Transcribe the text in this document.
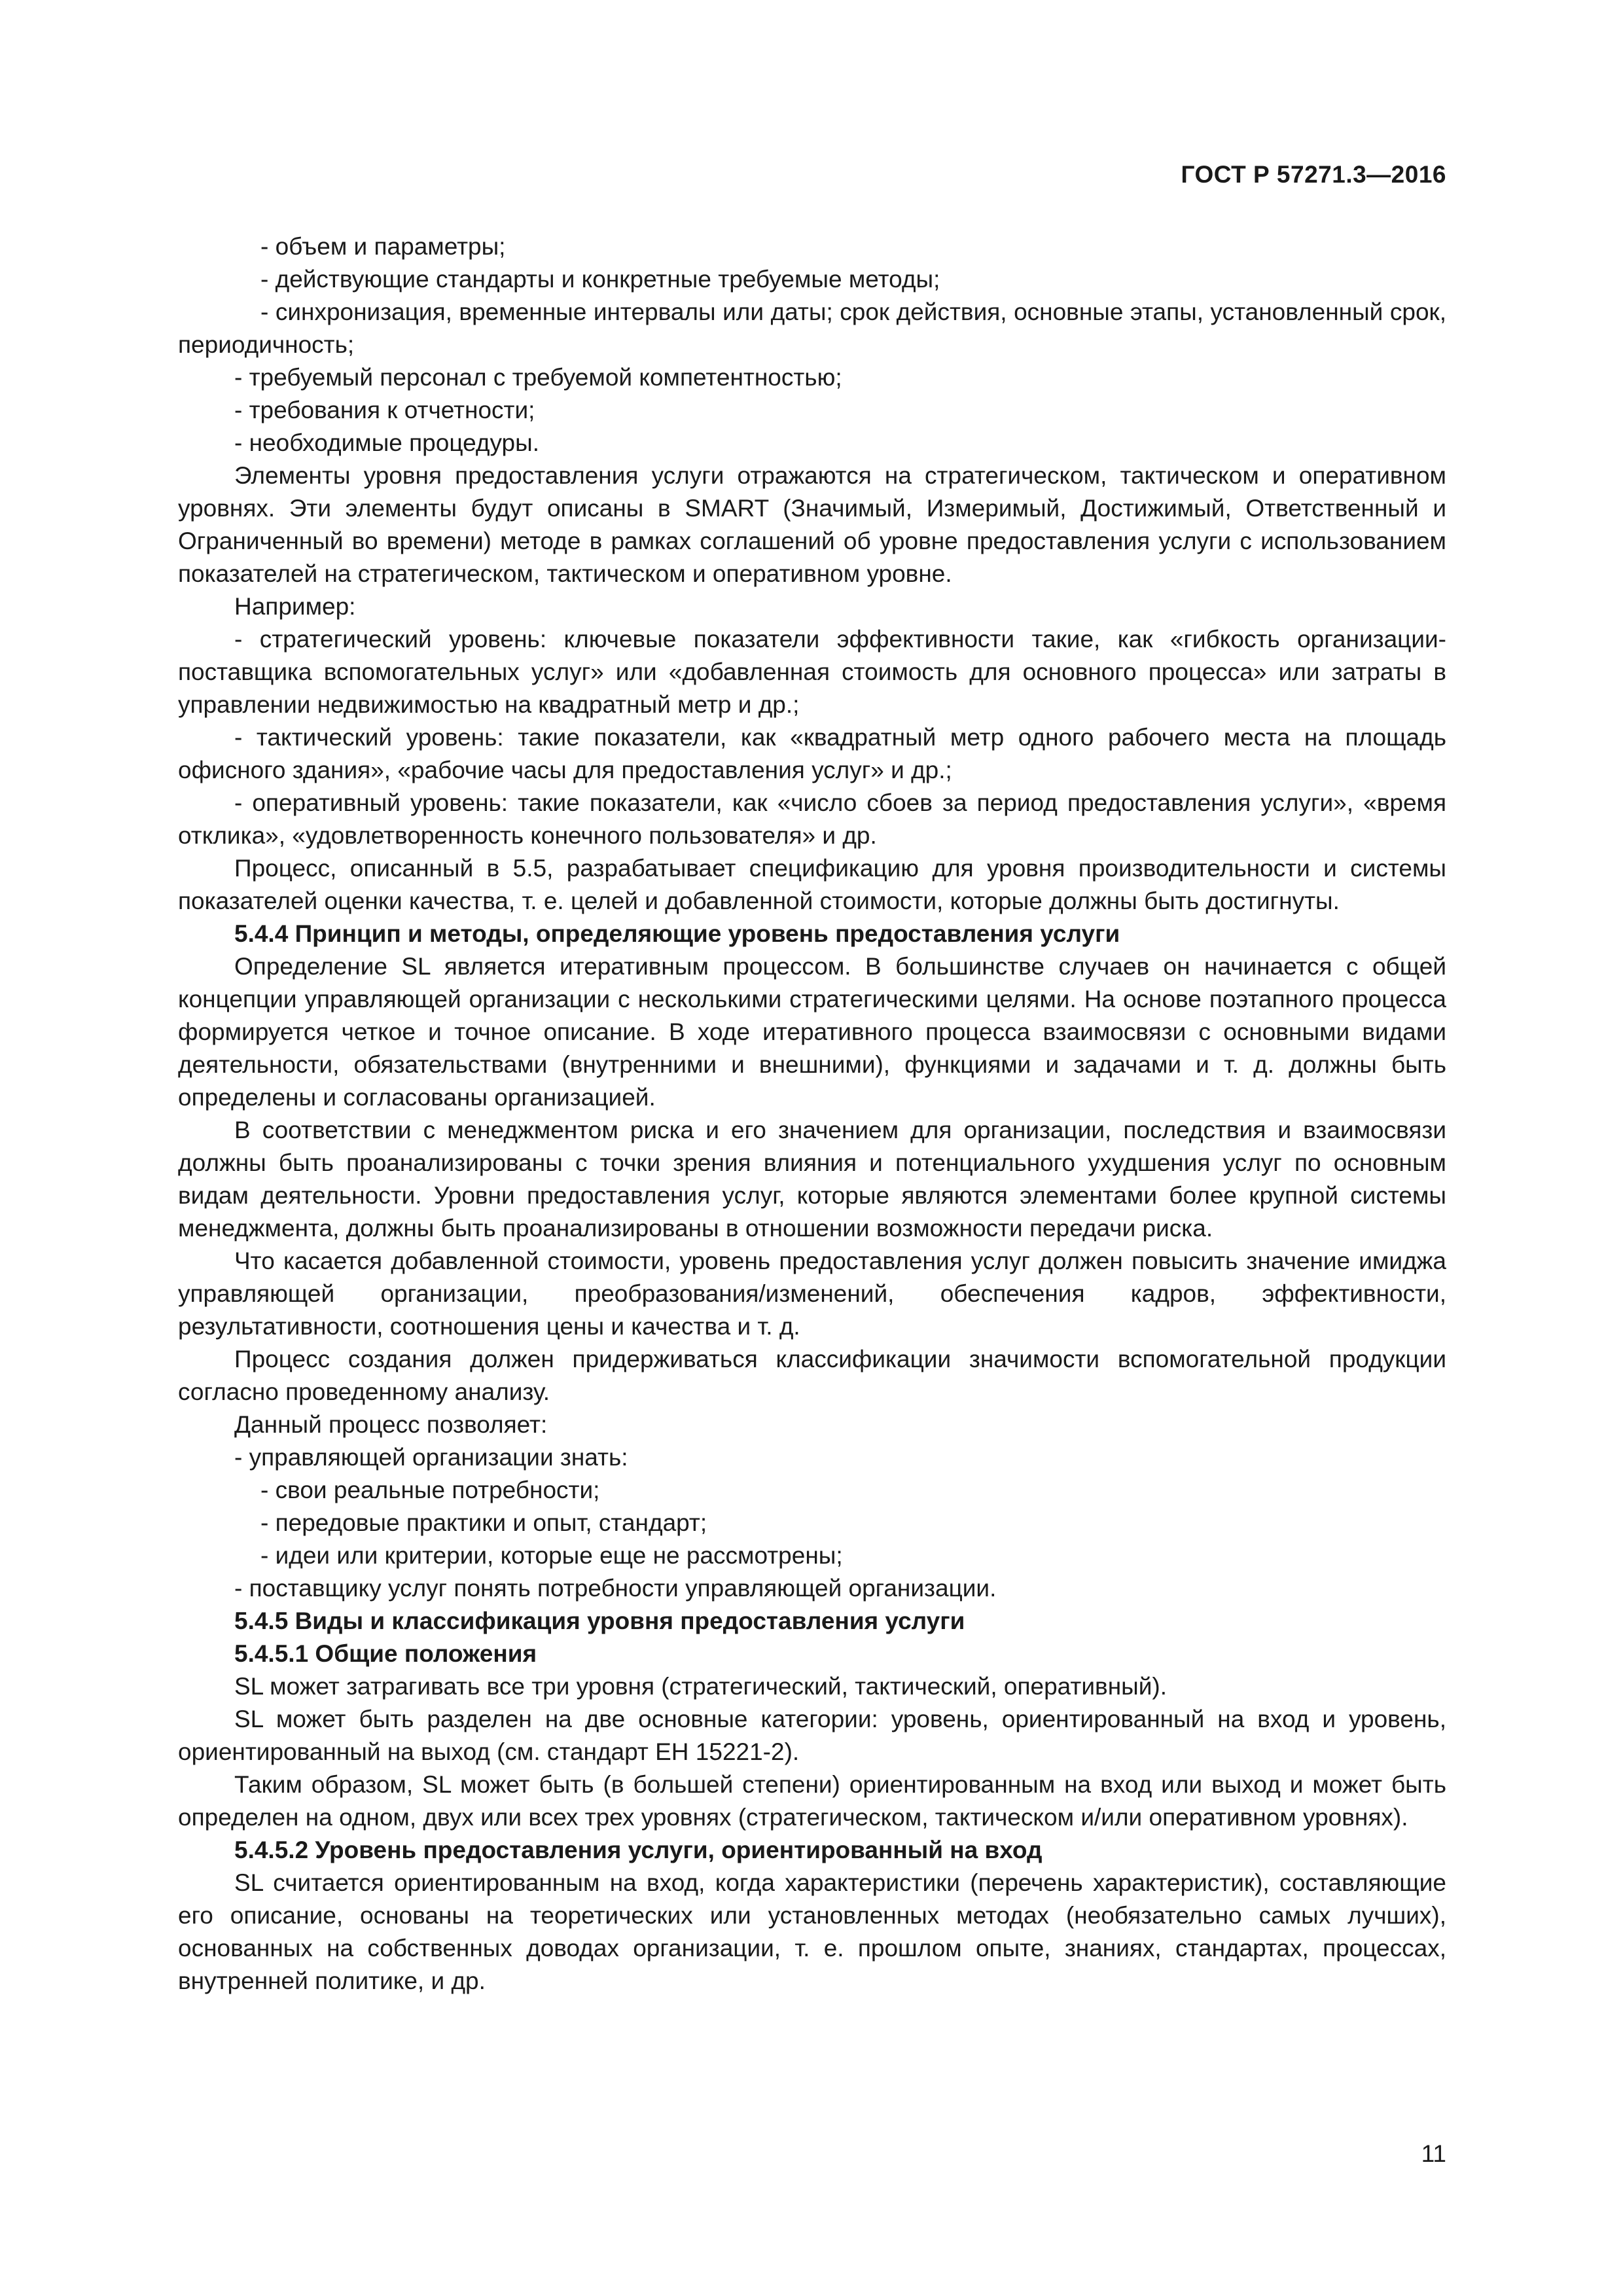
ГОСТ Р 57271.3—2016

- объем и параметры;

- действующие стандарты и конкретные требуемые методы;

- синхронизация, временные интервалы или даты; срок действия, основные этапы, установленный срок, периодичность;

- требуемый персонал с требуемой компетентностью;

- требования к отчетности;

- необходимые процедуры.

Элементы уровня предоставления услуги отражаются на стратегическом, тактическом и оперативном уровнях. Эти элементы будут описаны в SMART (Значимый, Измеримый, Достижимый, Ответственный и Ограниченный во времени) методе в рамках соглашений об уровне предоставления услуги с использованием показателей на стратегическом, тактическом и оперативном уровне.

Например:

- стратегический уровень: ключевые показатели эффективности такие, как «гибкость организации-поставщика вспомогательных услуг» или «добавленная стоимость для основного процесса» или затраты в управлении недвижимостью на квадратный метр и др.;

- тактический уровень: такие показатели, как «квадратный метр одного рабочего места на площадь офисного здания», «рабочие часы для предоставления услуг» и др.;

- оперативный уровень: такие показатели, как «число сбоев за период предоставления услуги», «время отклика», «удовлетворенность конечного пользователя» и др.

Процесс, описанный в 5.5, разрабатывает спецификацию для уровня производительности и системы показателей оценки качества, т. е. целей и добавленной стоимости, которые должны быть достигнуты.

5.4.4 Принцип и методы, определяющие уровень предоставления услуги

Определение SL является итеративным процессом. В большинстве случаев он начинается с общей концепции управляющей организации с несколькими стратегическими целями. На основе поэтапного процесса формируется четкое и точное описание. В ходе итеративного процесса взаимосвязи с основными видами деятельности, обязательствами (внутренними и внешними), функциями и задачами и т. д. должны быть определены и согласованы организацией.

В соответствии с менеджментом риска и его значением для организации, последствия и взаимосвязи должны быть проанализированы с точки зрения влияния и потенциального ухудшения услуг по основным видам деятельности. Уровни предоставления услуг, которые являются элементами более крупной системы менеджмента, должны быть проанализированы в отношении возможности передачи риска.

Что касается добавленной стоимости, уровень предоставления услуг должен повысить значение имиджа управляющей организации, преобразования/изменений, обеспечения кадров, эффективности, результативности, соотношения цены и качества и т. д.

Процесс создания должен придерживаться классификации значимости вспомогательной продукции согласно проведенному анализу.

Данный процесс позволяет:

- управляющей организации знать:

- свои реальные потребности;

- передовые практики и опыт, стандарт;

- идеи или критерии, которые еще не рассмотрены;

- поставщику услуг понять потребности управляющей организации.

5.4.5 Виды и классификация уровня предоставления услуги

5.4.5.1 Общие положения

SL может затрагивать все три уровня (стратегический, тактический, оперативный).

SL может быть разделен на две основные категории: уровень, ориентированный на вход и уровень, ориентированный на выход (см. стандарт ЕН 15221-2).

Таким образом, SL может быть (в большей степени) ориентированным на вход или выход и может быть определен на одном, двух или всех трех уровнях (стратегическом, тактическом и/или оперативном уровнях).

5.4.5.2 Уровень предоставления услуги, ориентированный на вход

SL считается ориентированным на вход, когда характеристики (перечень характеристик), составляющие его описание, основаны на теоретических или установленных методах (необязательно самых лучших), основанных на собственных доводах организации, т. е. прошлом опыте, знаниях, стандартах, процессах, внутренней политике, и др.

11
